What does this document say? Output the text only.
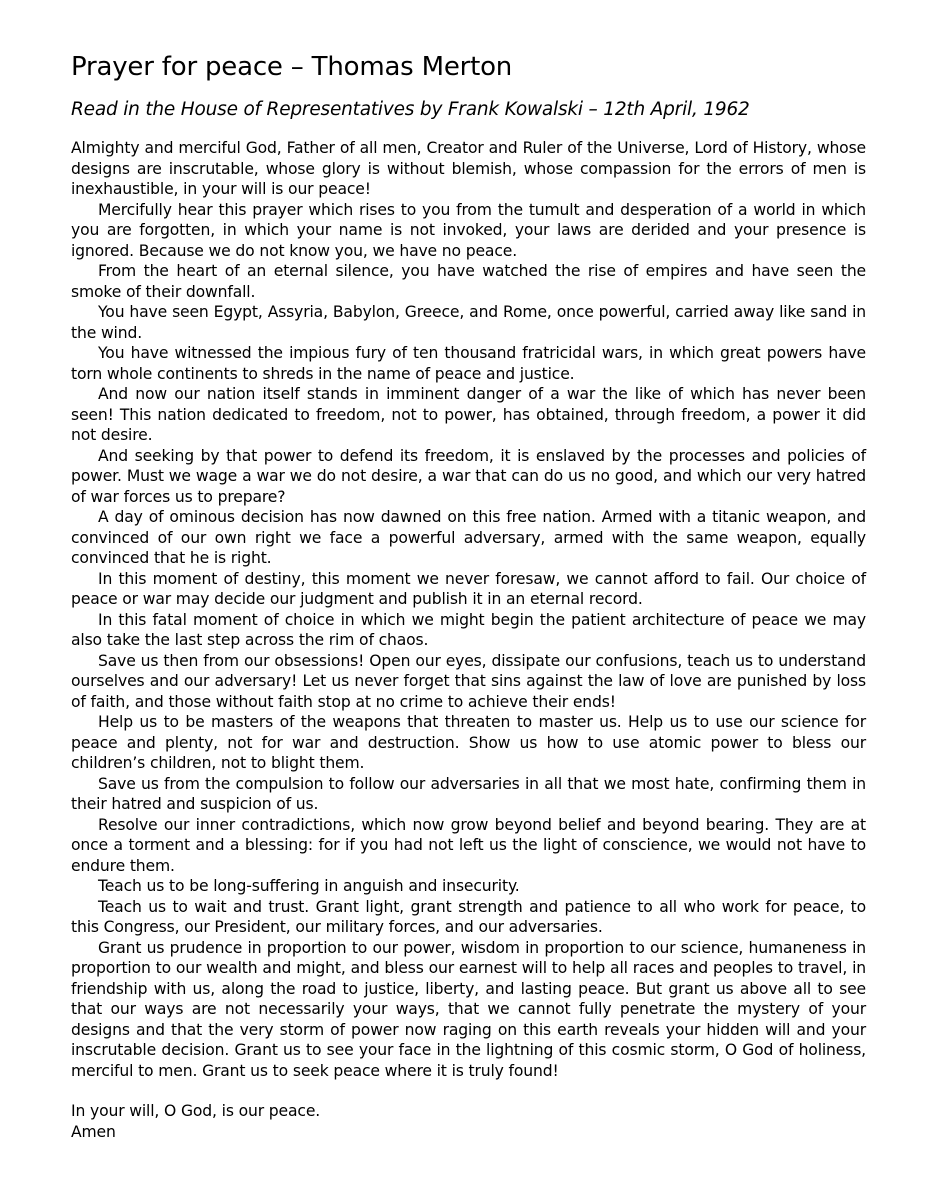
Prayer for peace – Thomas Merton

Read in the House of Representatives by Frank Kowalski – 12th April, 1962

Almighty and merciful God, Father of all men, Creator and Ruler of the Universe, Lord of History, whose designs are inscrutable, whose glory is without blemish, whose compassion for the errors of men is inexhaustible, in your will is our peace!

Mercifully hear this prayer which rises to you from the tumult and desperation of a world in which you are forgotten, in which your name is not invoked, your laws are derided and your presence is ignored. Because we do not know you, we have no peace.

From the heart of an eternal silence, you have watched the rise of empires and have seen the smoke of their downfall.

You have seen Egypt, Assyria, Babylon, Greece, and Rome, once powerful, carried away like sand in the wind.

You have witnessed the impious fury of ten thousand fratricidal wars, in which great powers have torn whole continents to shreds in the name of peace and justice.

And now our nation itself stands in imminent danger of a war the like of which has never been seen! This nation dedicated to freedom, not to power, has obtained, through freedom, a power it did not desire.

And seeking by that power to defend its freedom, it is enslaved by the processes and policies of power. Must we wage a war we do not desire, a war that can do us no good, and which our very hatred of war forces us to prepare?

A day of ominous decision has now dawned on this free nation. Armed with a titanic weapon, and convinced of our own right we face a powerful adversary, armed with the same weapon, equally convinced that he is right.

In this moment of destiny, this moment we never foresaw, we cannot afford to fail. Our choice of peace or war may decide our judgment and publish it in an eternal record.

In this fatal moment of choice in which we might begin the patient architecture of peace we may also take the last step across the rim of chaos.

Save us then from our obsessions! Open our eyes, dissipate our confusions, teach us to understand ourselves and our adversary! Let us never forget that sins against the law of love are punished by loss of faith, and those without faith stop at no crime to achieve their ends!

Help us to be masters of the weapons that threaten to master us. Help us to use our science for peace and plenty, not for war and destruction. Show us how to use atomic power to bless our children’s children, not to blight them.

Save us from the compulsion to follow our adversaries in all that we most hate, confirming them in their hatred and suspicion of us.

Resolve our inner contradictions, which now grow beyond belief and beyond bearing. They are at once a torment and a blessing: for if you had not left us the light of conscience, we would not have to endure them.

Teach us to be long-suffering in anguish and insecurity.

Teach us to wait and trust. Grant light, grant strength and patience to all who work for peace, to this Congress, our President, our military forces, and our adversaries.

Grant us prudence in proportion to our power, wisdom in proportion to our science, humaneness in proportion to our wealth and might, and bless our earnest will to help all races and peoples to travel, in friendship with us, along the road to justice, liberty, and lasting peace. But grant us above all to see that our ways are not necessarily your ways, that we cannot fully penetrate the mystery of your designs and that the very storm of power now raging on this earth reveals your hidden will and your inscrutable decision. Grant us to see your face in the lightning of this cosmic storm, O God of holiness, merciful to men. Grant us to seek peace where it is truly found!

In your will, O God, is our peace.

Amen
